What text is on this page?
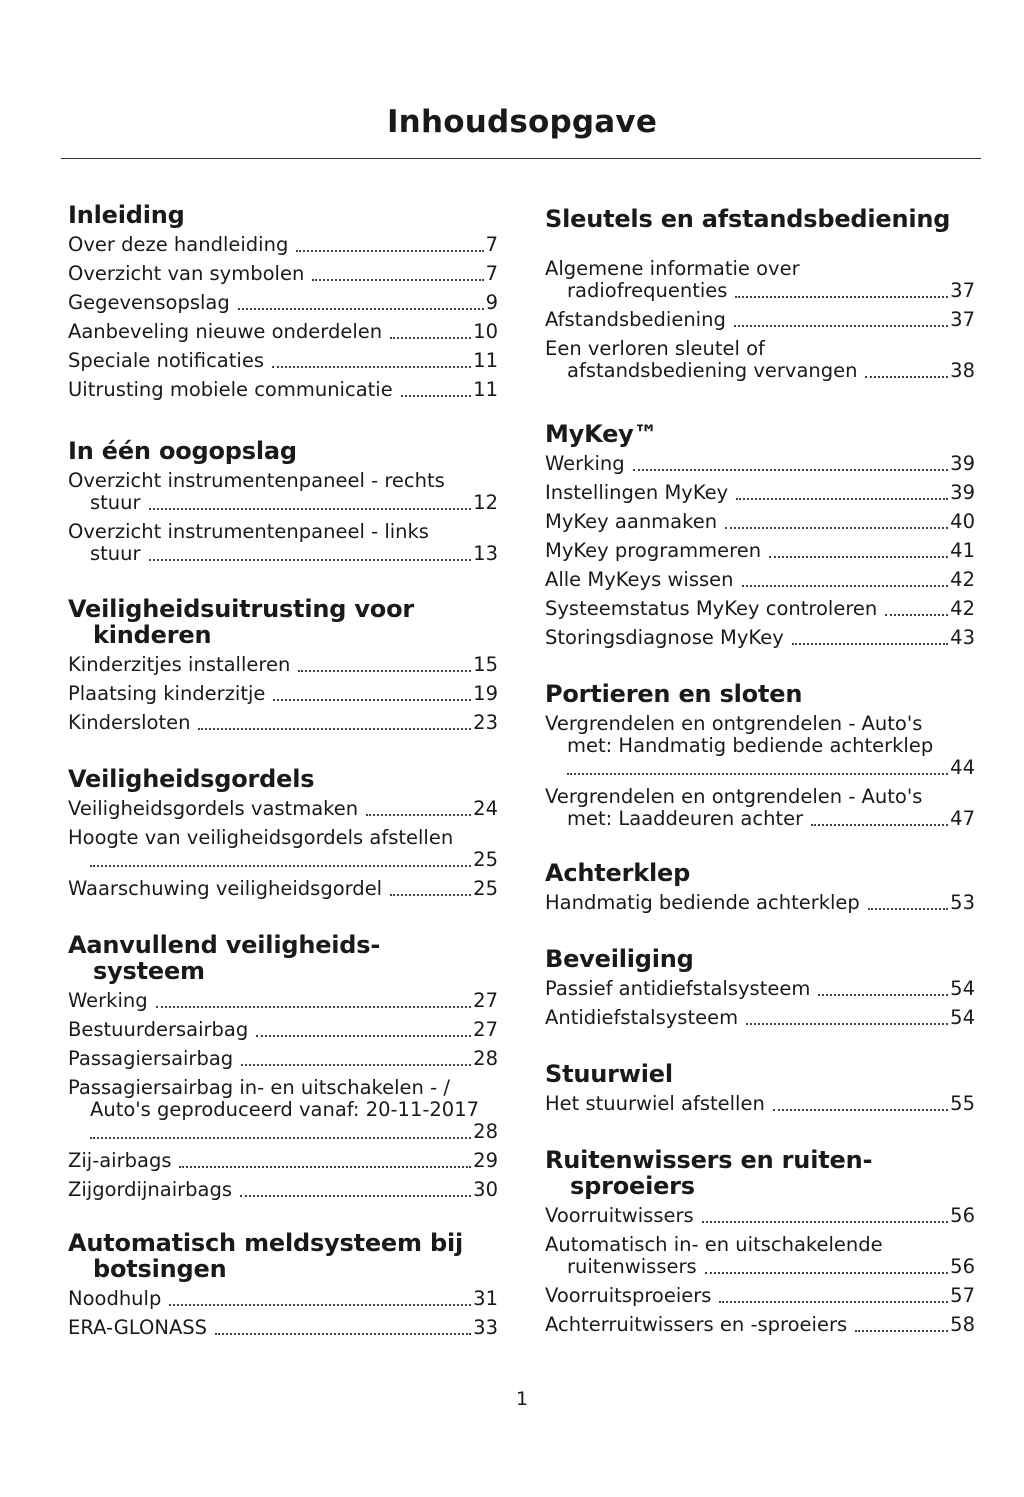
Inhoudsopgave
Inleiding
Over deze handleiding	7
Overzicht van symbolen	7
Gegevensopslag	9
Aanbeveling nieuwe onderdelen	10
Speciale notificaties	11
Uitrusting mobiele communicatie	11
In één oogopslag
Overzicht instrumentenpaneel - rechts
stuur	12
Overzicht instrumentenpaneel - links
stuur	13
Veiligheidsuitrusting voor
kinderen
Kinderzitjes installeren	15
Plaatsing kinderzitje	19
Kindersloten	23
Veiligheidsgordels
Veiligheidsgordels vastmaken	24
Hoogte van veiligheidsgordels afstellen
25
Waarschuwing veiligheidsgordel	25
Aanvullend veiligheids-
systeem
Werking	27
Bestuurdersairbag	27
Passagiersairbag	28
Passagiersairbag in- en uitschakelen - /
Auto's geproduceerd vanaf: 20-11-2017
28
Zij-airbags	29
Zijgordijnairbags	30
Automatisch meldsysteem bij
botsingen
Noodhulp	31
ERA-GLONASS	33
Sleutels en afstandsbediening
Algemene informatie over
radiofrequenties	37
Afstandsbediening	37
Een verloren sleutel of
afstandsbediening vervangen	38
MyKey™
Werking	39
Instellingen MyKey	39
MyKey aanmaken	40
MyKey programmeren	41
Alle MyKeys wissen	42
Systeemstatus MyKey controleren	42
Storingsdiagnose MyKey	43
Portieren en sloten
Vergrendelen en ontgrendelen - Auto's
met: Handmatig bediende achterklep
44
Vergrendelen en ontgrendelen - Auto's
met: Laaddeuren achter	47
Achterklep
Handmatig bediende achterklep	53
Beveiliging
Passief antidiefstalsysteem	54
Antidiefstalsysteem	54
Stuurwiel
Het stuurwiel afstellen	55
Ruitenwissers en ruiten-
sproeiers
Voorruitwissers	56
Automatisch in- en uitschakelende
ruitenwissers	56
Voorruitsproeiers	57
Achterruitwissers en -sproeiers	58
1
